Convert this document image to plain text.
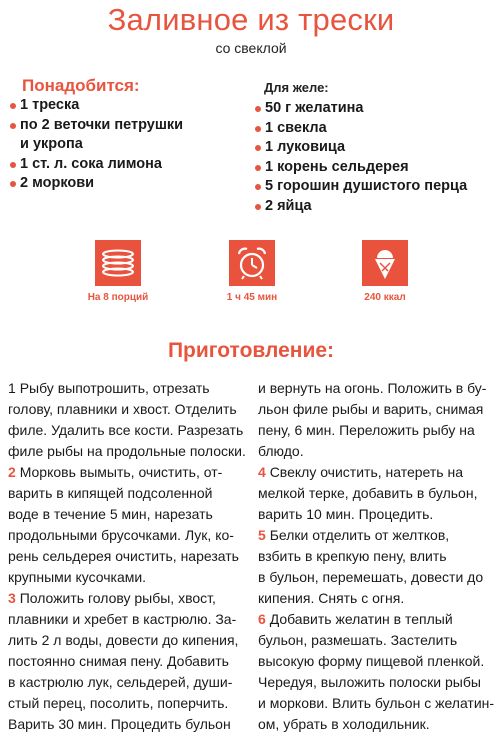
Заливное из трески
со свеклой
Понадобится:
1 треска
по 2 веточки петрушки
и укропа
1 ст. л. сока лимона
2 моркови
Для желе:
50 г желатина
1 свекла
1 луковица
1 корень сельдерея
5 горошин душистого перца
2 яйца
На 8 порций	1 ч 45 мин	240 ккал
Приготовление:

1 Рыбу выпотрошить, отрезать
голову, плавники и хвост. Отделить
филе. Удалить все кости. Разрезать
филе рыбы на продольные полоски.

2 Морковь вымыть, очистить, от-
варить в кипящей подсоленной
воде в течение 5 мин, нарезать
продольными брусочками. Лук, ко-
рень сельдерея очистить, нарезать
крупными кусочками.

3 Положить голову рыбы, хвост,
плавники и хребет в кастрюлю. За-
лить 2 л воды, довести до кипения,
постоянно снимая пену. Добавить
в кастрюлю лук, сельдерей, души-
стый перец, посолить, поперчить.
Варить 30 мин. Процедить бульон

и вернуть на огонь. Положить в бу-
льон филе рыбы и варить, снимая
пену, 6 мин. Переложить рыбу на
блюдо.

4 Свеклу очистить, натереть на
мелкой терке, добавить в бульон,
варить 10 мин. Процедить.

5 Белки отделить от желтков,
взбить в крепкую пену, влить
в бульон, перемешать, довести до
кипения. Снять с огня.

6 Добавить желатин в теплый
бульон, размешать. Застелить
высокую форму пищевой пленкой.
Чередуя, выложить полоски рыбы
и моркови. Влить бульон с желатин-
ом, убрать в холодильник.
